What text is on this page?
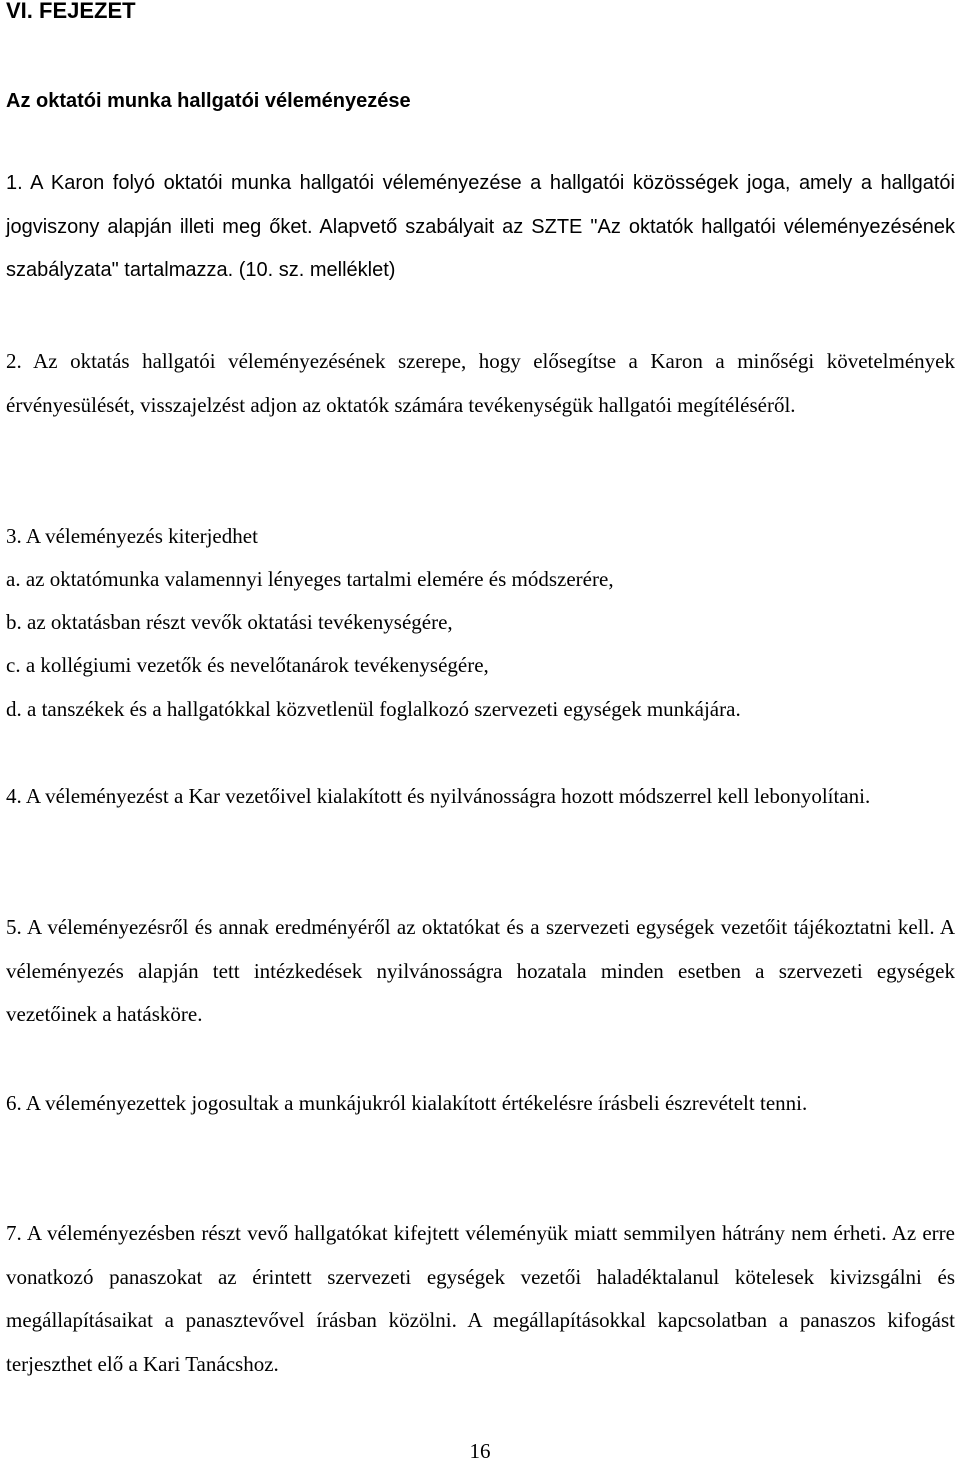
VI. FEJEZET
Az oktatói munka hallgatói véleményezése

1. A Karon folyó oktatói munka hallgatói véleményezése a hallgatói közösségek joga, amely a hallgatói jogviszony alapján illeti meg őket. Alapvető szabályait az SZTE "Az oktatók hallgatói véleményezésének szabályzata" tartalmazza. (10. sz. melléklet)

2. Az oktatás hallgatói véleményezésének szerepe, hogy elősegítse a Karon a minőségi követelmények érvényesülését, visszajelzést adjon az oktatók számára tevékenységük hallgatói megítéléséről.

3. A véleményezés kiterjedhet

a. az oktatómunka valamennyi lényeges tartalmi elemére és módszerére,

b. az oktatásban részt vevők oktatási tevékenységére,

c. a kollégiumi vezetők és nevelőtanárok tevékenységére,

d. a tanszékek és a hallgatókkal közvetlenül foglalkozó szervezeti egységek munkájára.

4. A véleményezést a Kar vezetőivel kialakított és nyilvánosságra hozott módszerrel kell lebonyolítani.

5. A véleményezésről és annak eredményéről az oktatókat és a szervezeti egységek vezetőit tájékoztatni kell. A véleményezés alapján tett intézkedések nyilvánosságra hozatala minden esetben a szervezeti egységek vezetőinek a hatásköre.

6. A véleményezettek jogosultak a munkájukról kialakított értékelésre írásbeli észrevételt tenni.

7. A véleményezésben részt vevő hallgatókat kifejtett véleményük miatt semmilyen hátrány nem érheti. Az erre vonatkozó panaszokat az érintett szervezeti egységek vezetői haladéktalanul kötelesek kivizsgálni és megállapításaikat a panasztevővel írásban közölni. A megállapításokkal kapcsolatban a panaszos kifogást terjeszthet elő a Kari Tanácshoz.

16
